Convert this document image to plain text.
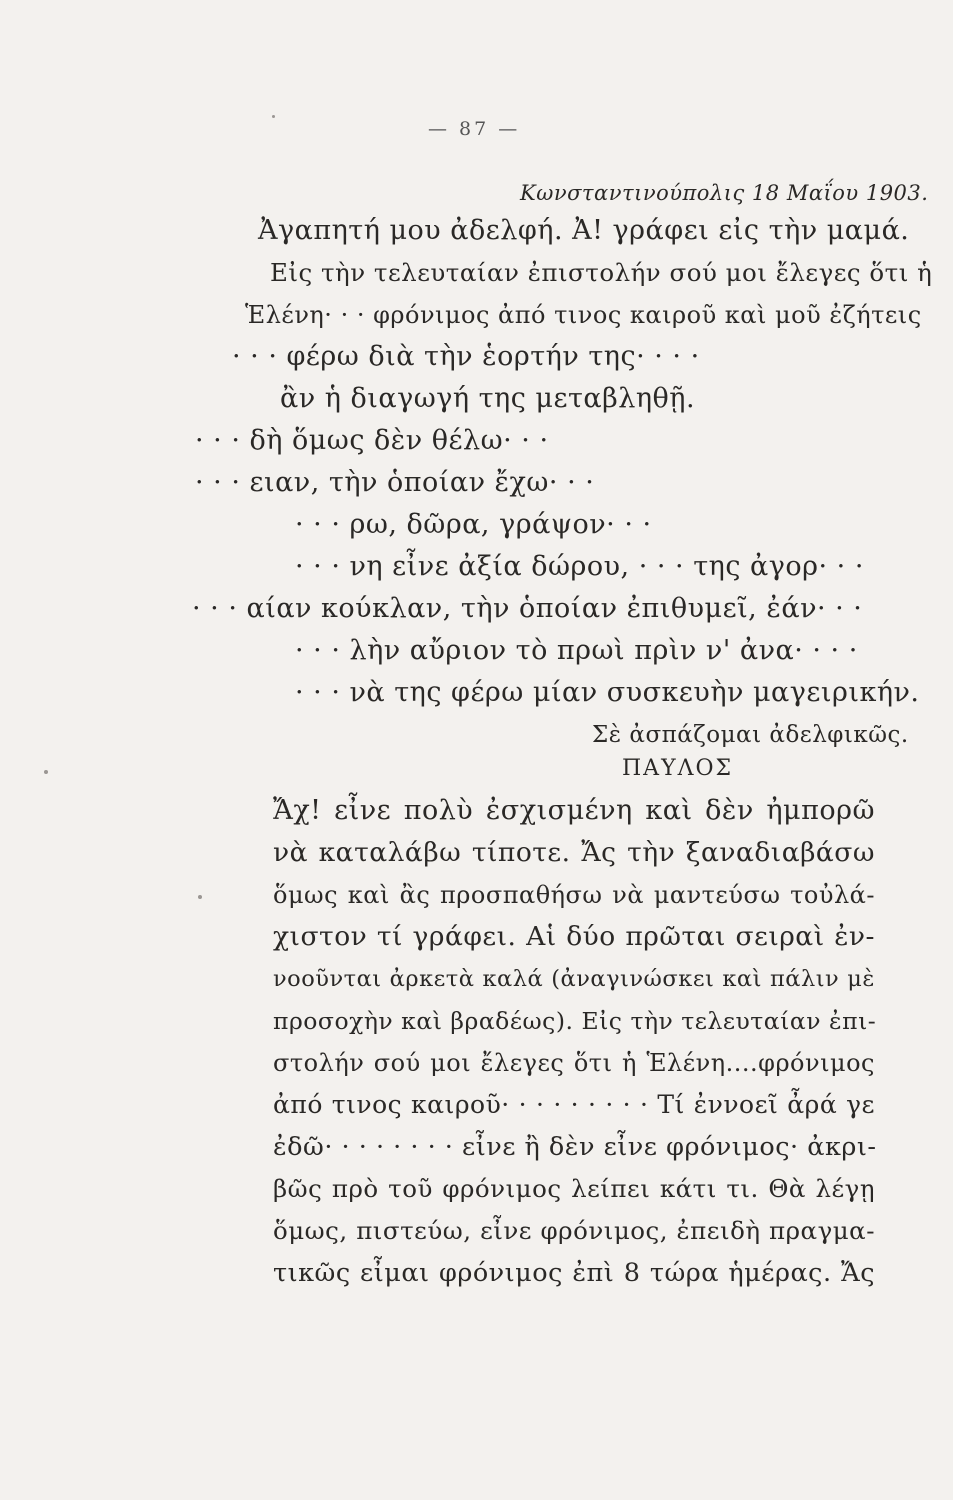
— 87 —
Κωνσταντινούπολις 18 Μαΐου 1903.
Ἀγαπητή μου ἀδελφή. Ἀ! γράφει εἰς τὴν μαμά.
Εἰς τὴν τελευταίαν ἐπιστολήν σού μοι ἔλεγες ὅτι ἡ
Ἑλένη· · · φρόνιμος ἀπό τινος καιροῦ καὶ μοῦ ἐζήτεις
· · · φέρω διὰ τὴν ἑορτήν της· · · ·
ἂν ἡ διαγωγή της μεταβληθῇ.
· · · δὴ ὅμως δὲν θέλω· · ·
· · · ειαν, τὴν ὁποίαν ἔχω· · ·
· · · ρω, δῶρα, γράψον· · ·
· · · νη εἶνε ἀξία δώρου, · · · της ἀγορ· · ·
· · · αίαν κούκλαν, τὴν ὁποίαν ἐπιθυμεῖ, ἐάν· · ·
· · · λὴν αὔριον τὸ πρωὶ πρὶν ν' ἀνα· · · ·
· · · νὰ της φέρω μίαν συσκευὴν μαγειρικήν.
Σὲ ἀσπάζομαι ἀδελφικῶς.
ΠΑΥΛΟΣ
Ἄχ! εἶνε πολὺ ἐσχισμένη καὶ δὲν ἠμπορῶ
νὰ καταλάβω τίποτε. Ἄς τὴν ξαναδιαβάσω
ὅμως καὶ ἂς προσπαθήσω νὰ μαντεύσω τοὐλά-
χιστον τί γράφει. Αἱ δύο πρῶται σειραὶ ἐν-
νοοῦνται ἀρκετὰ καλά (ἀναγινώσκει καὶ πάλιν μὲ
προσοχὴν καὶ βραδέως). Εἰς τὴν τελευταίαν ἐπι-
στολήν σού μοι ἔλεγες ὅτι ἡ Ἑλένη....φρόνιμος
ἀπό τινος καιροῦ· · · · · · · · · Τί ἐννοεῖ ἆρά γε
ἐδῶ· · · · · · · · εἶνε ἢ δὲν εἶνε φρόνιμος· ἀκρι-
βῶς πρὸ τοῦ φρόνιμος λείπει κάτι τι. Θὰ λέγῃ
ὅμως, πιστεύω, εἶνε φρόνιμος, ἐπειδὴ πραγμα-
τικῶς εἶμαι φρόνιμος ἐπὶ 8 τώρα ἡμέρας. Ἄς
